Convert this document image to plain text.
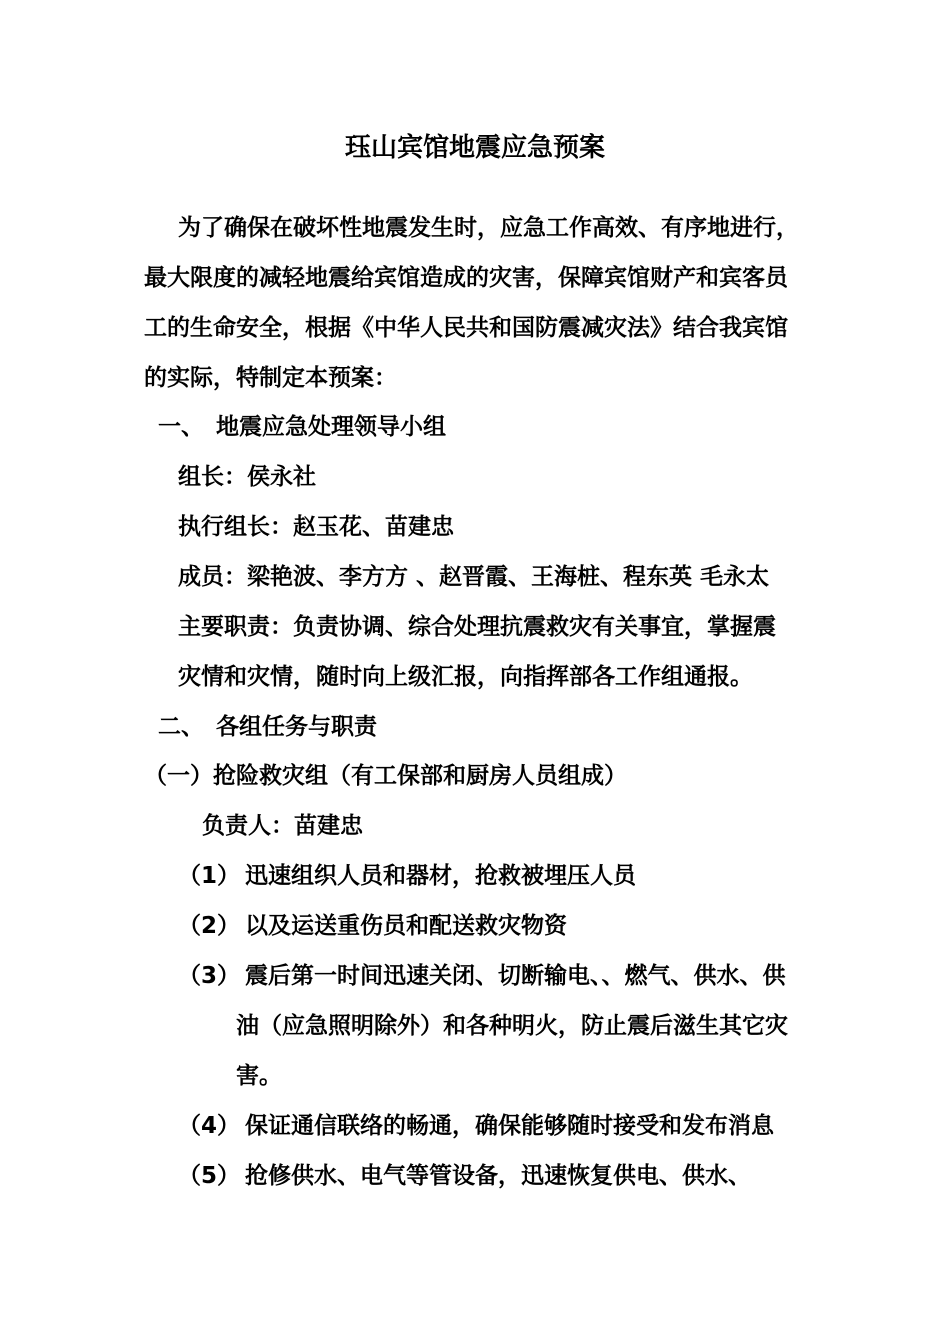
珏山宾馆地震应急预案
为了确保在破坏性地震发生时，应急工作高效、有序地进行，
最大限度的减轻地震给宾馆造成的灾害，保障宾馆财产和宾客员
工的生命安全，根据《中华人民共和国防震减灾法》结合我宾馆
的实际，特制定本预案：
一、 地震应急处理领导小组
组长：侯永社
执行组长：赵玉花、苗建忠
成员：梁艳波、李方方 、赵晋霞、王海桩、程东英 毛永太
主要职责：负责协调、综合处理抗震救灾有关事宜，掌握震
灾情和灾情，随时向上级汇报，向指挥部各工作组通报。
二、 各组任务与职责
（一）抢险救灾组（有工保部和厨房人员组成）
负责人：苗建忠
（1） 迅速组织人员和器材，抢救被埋压人员
（2） 以及运送重伤员和配送救灾物资
（3） 震后第一时间迅速关闭、切断输电、、燃气、供水、供
油（应急照明除外）和各种明火，防止震后滋生其它灾
害。
（4） 保证通信联络的畅通，确保能够随时接受和发布消息
（5） 抢修供水、电气等管设备，迅速恢复供电、供水、
